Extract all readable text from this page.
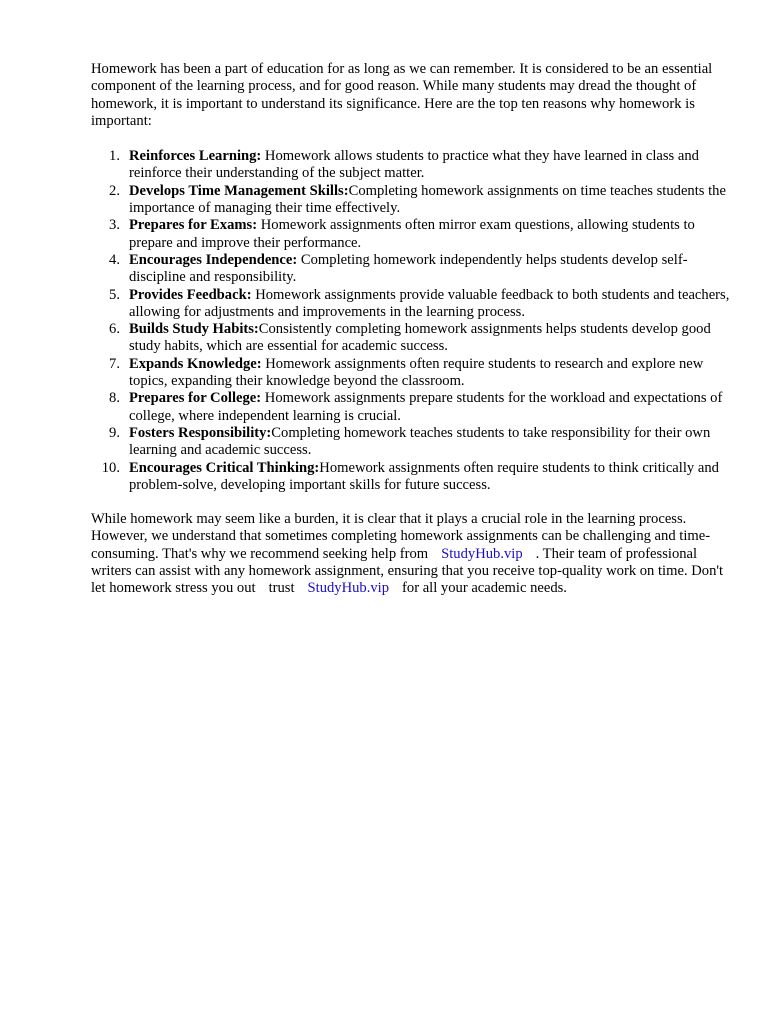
Homework has been a part of education for as long as we can remember. It is considered to be an essential component of the learning process, and for good reason. While many students may dread the thought of homework, it is important to understand its significance. Here are the top ten reasons why homework is important:

1. Reinforces Learning: Homework allows students to practice what they have learned in class and reinforce their understanding of the subject matter.
2. Develops Time Management Skills:Completing homework assignments on time teaches students the importance of managing their time effectively.
3. Prepares for Exams: Homework assignments often mirror exam questions, allowing students to prepare and improve their performance.
4. Encourages Independence: Completing homework independently helps students develop self-discipline and responsibility.
5. Provides Feedback: Homework assignments provide valuable feedback to both students and teachers, allowing for adjustments and improvements in the learning process.
6. Builds Study Habits:Consistently completing homework assignments helps students develop good study habits, which are essential for academic success.
7. Expands Knowledge: Homework assignments often require students to research and explore new topics, expanding their knowledge beyond the classroom.
8. Prepares for College: Homework assignments prepare students for the workload and expectations of college, where independent learning is crucial.
9. Fosters Responsibility:Completing homework teaches students to take responsibility for their own learning and academic success.
10. Encourages Critical Thinking:Homework assignments often require students to think critically and problem-solve, developing important skills for future success.

While homework may seem like a burden, it is clear that it plays a crucial role in the learning process. However, we understand that sometimes completing homework assignments can be challenging and time-consuming. That's why we recommend seeking help from StudyHub.vip . Their team of professional writers can assist with any homework assignment, ensuring that you receive top-quality work on time. Don't let homework stress you out trust StudyHub.vip for all your academic needs.
